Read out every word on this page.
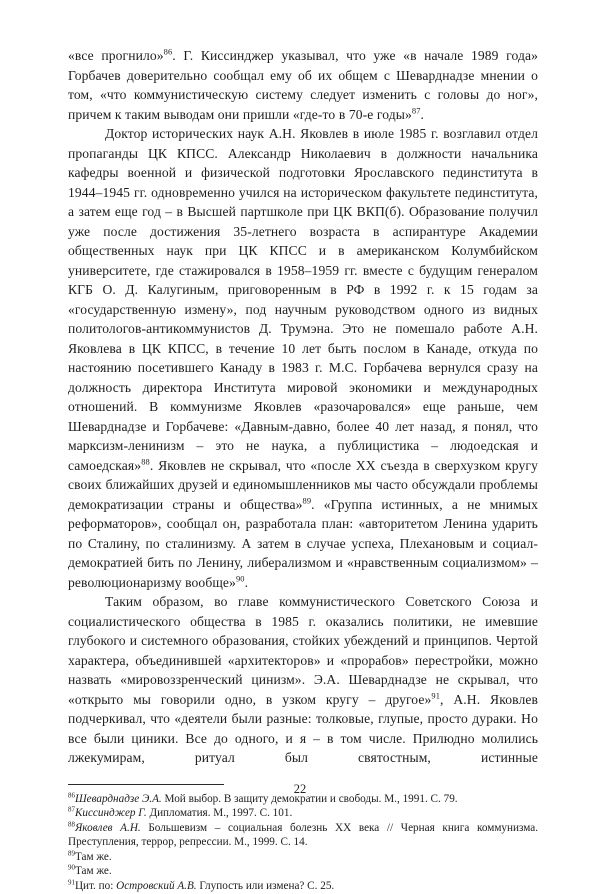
«все прогнило»$^{86}$. Г. Киссинджер указывал, что уже «в начале 1989 года» Горбачев доверительно сообщал ему об их общем с Шеварднадзе мнении о том, «что коммунистическую систему следует изменить с головы до ног», причем к таким выводам они пришли «где-то в 70-е годы»$^{87}$.

Доктор исторических наук А.Н. Яковлев в июле 1985 г. возглавил отдел пропаганды ЦК КПСС. Александр Николаевич в должности начальника кафедры военной и физической подготовки Ярославского пединститута в 1944–1945 гг. одновременно учился на историческом факультете пединститута, а затем еще год – в Высшей партшколе при ЦК ВКП(б). Образование получил уже после достижения 35-летнего возраста в аспирантуре Академии общественных наук при ЦК КПСС и в американском Колумбийском университете, где стажировался в 1958–1959 гг. вместе с будущим генералом КГБ О. Д. Калугиным, приговоренным в РФ в 1992 г. к 15 годам за «государственную измену», под научным руководством одного из видных политологов-антикоммунистов Д. Трумэна. Это не помешало работе А.Н. Яковлева в ЦК КПСС, в течение 10 лет быть послом в Канаде, откуда по настоянию посетившего Канаду в 1983 г. М.С. Горбачева вернулся сразу на должность директора Института мировой экономики и международных отношений. В коммунизме Яковлев «разочаровался» еще раньше, чем Шеварднадзе и Горбачеве: «Давным-давно, более 40 лет назад, я понял, что марксизм-ленинизм – это не наука, а публицистика – людоедская и самоедская»$^{88}$. Яковлев не скрывал, что «после XX съезда в сверхузком кругу своих ближайших друзей и единомышленников мы часто обсуждали проблемы демократизации страны и общества»$^{89}$. «Группа истинных, а не мнимых реформаторов», сообщал он, разработала план: «авторитетом Ленина ударить по Сталину, по сталинизму. А затем в случае успеха, Плехановым и социал-демократией бить по Ленину, либерализмом и «нравственным социализмом» – революционаризму вообще»$^{90}$.

Таким образом, во главе коммунистического Советского Союза и социалистического общества в 1985 г. оказались политики, не имевшие глубокого и системного образования, стойких убеждений и принципов. Чертой характера, объединившей «архитекторов» и «прорабов» перестройки, можно назвать «мировоззренческий цинизм». Э.А. Шеварднадзе не скрывал, что «открыто мы говорили одно, в узком кругу – другое»$^{91}$, А.Н. Яковлев подчеркивал, что «деятели были разные: толковые, глупые, просто дураки. Но все были циники. Все до одного, и я – в том числе. Прилюдно молились лжекумирам, ритуал был святостным, истинные

$^{86}$Шеварднадзе Э.А. Мой выбор. В защиту демократии и свободы. М., 1991. С. 79.

$^{87}$Киссинджер Г. Дипломатия. М., 1997. С. 101.

$^{88}$Яковлев А.Н. Большевизм – социальная болезнь XX века // Черная книга коммунизма. Преступления, террор, репрессии. М., 1999. С. 14.

$^{89}$Там же.

$^{90}$Там же.

$^{91}$Цит. по: Островский А.В. Глупость или измена? С. 25.

22
